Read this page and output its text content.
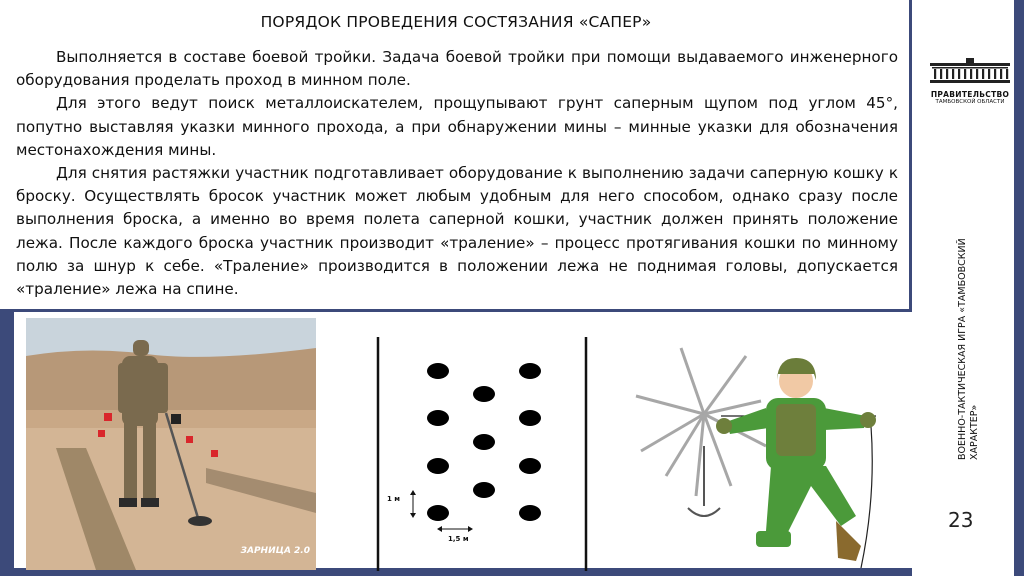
ПОРЯДОК ПРОВЕДЕНИЯ СОСТЯЗАНИЯ «САПЕР»

Выполняется в составе боевой тройки. Задача боевой тройки при помощи выдаваемого инженерного оборудования проделать проход в минном поле.

Для этого ведут поиск металлоискателем, прощупывают грунт саперным щупом под углом 45°, попутно выставляя указки минного прохода, а при обнаружении мины – минные указки для обозначения местонахождения мины.

Для снятия растяжки участник подготавливает оборудование к выполнению задачи саперную кошку к броску. Осуществлять бросок участник может любым удобным для него способом, однако сразу после выполнения броска, а именно во время полета саперной кошки, участник должен принять положение лежа. После каждого броска участник производит «траление» – процесс протягивания кошки по минному полю за шнур к себе. «Траление» производится в положении лежа не поднимая головы, допускается «траление» лежа на спине.

ПРАВИТЕЛЬСТВО
ТАМБОВСКОЙ ОБЛАСТИ
ВОЕННО-ТАКТИЧЕСКАЯ ИГРА «ТАМБОВСКИЙ ХАРАКТЕР»
23
ЗАРНИЦА 2.0
1 м
1,5 м
